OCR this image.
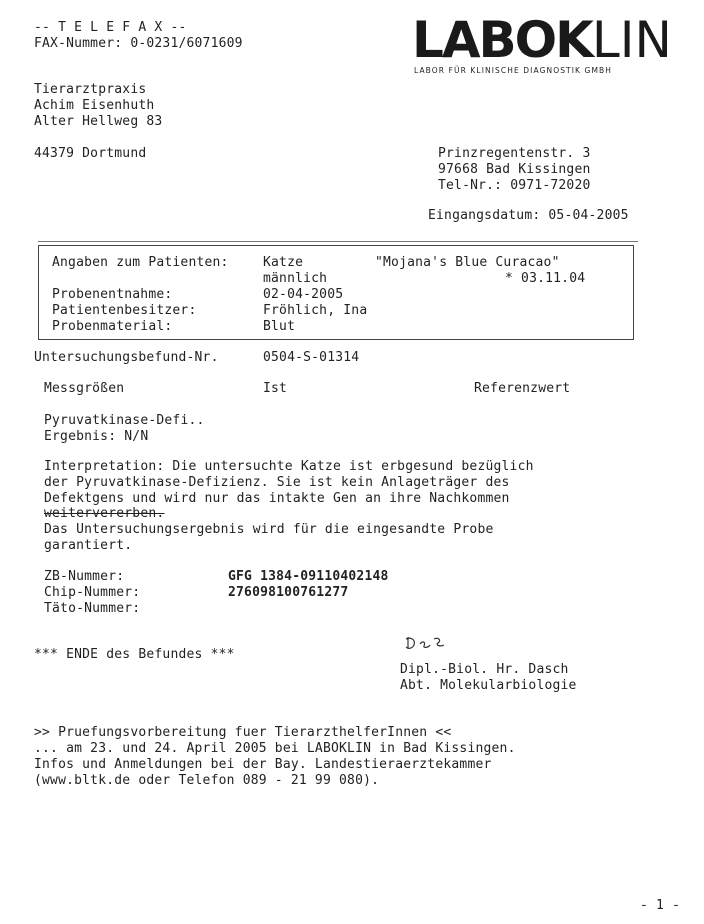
-- T E L E F A X --
FAX-Nummer: 0-0231/6071609	LABOKLIN
LABOR FÜR KLINISCHE DIAGNOSTIK GMBH
Tierarztpraxis
Achim Eisenhuth
Alter Hellweg 83
44379 Dortmund	Prinzregentenstr. 3
97668 Bad Kissingen
Tel-Nr.: 0971-72020
Eingangsdatum: 05-04-2005
Angaben zum Patienten:	Katze	"Mojana's Blue Curacao"
männlich	* 03.11.04
Probenentnahme:	02-04-2005
Patientenbesitzer:	Fröhlich, Ina
Probenmaterial:	Blut
Untersuchungsbefund-Nr.	0504-S-01314
Messgrößen	Ist	Referenzwert
Pyruvatkinase-Defi..
Ergebnis: N/N
Interpretation: Die untersuchte Katze ist erbgesund bezüglich
der Pyruvatkinase-Defizienz. Sie ist kein Anlageträger des
Defektgens und wird nur das intakte Gen an ihre Nachkommen
weitervererben.
Das Untersuchungsergebnis wird für die eingesandte Probe
garantiert.
ZB-Nummer:	GFG 1384-09110402148
Chip-Nummer:	276098100761277
Täto-Nummer:
*** ENDE des Befundes ***
Dipl.-Biol. Hr. Dasch
Abt. Molekularbiologie
>> Pruefungsvorbereitung fuer TierarzthelferInnen <<
... am 23. und 24. April 2005 bei LABOKLIN in Bad Kissingen.
Infos und Anmeldungen bei der Bay. Landestieraerztekammer
(www.bltk.de oder Telefon 089 - 21 99 080).
- 1 -
